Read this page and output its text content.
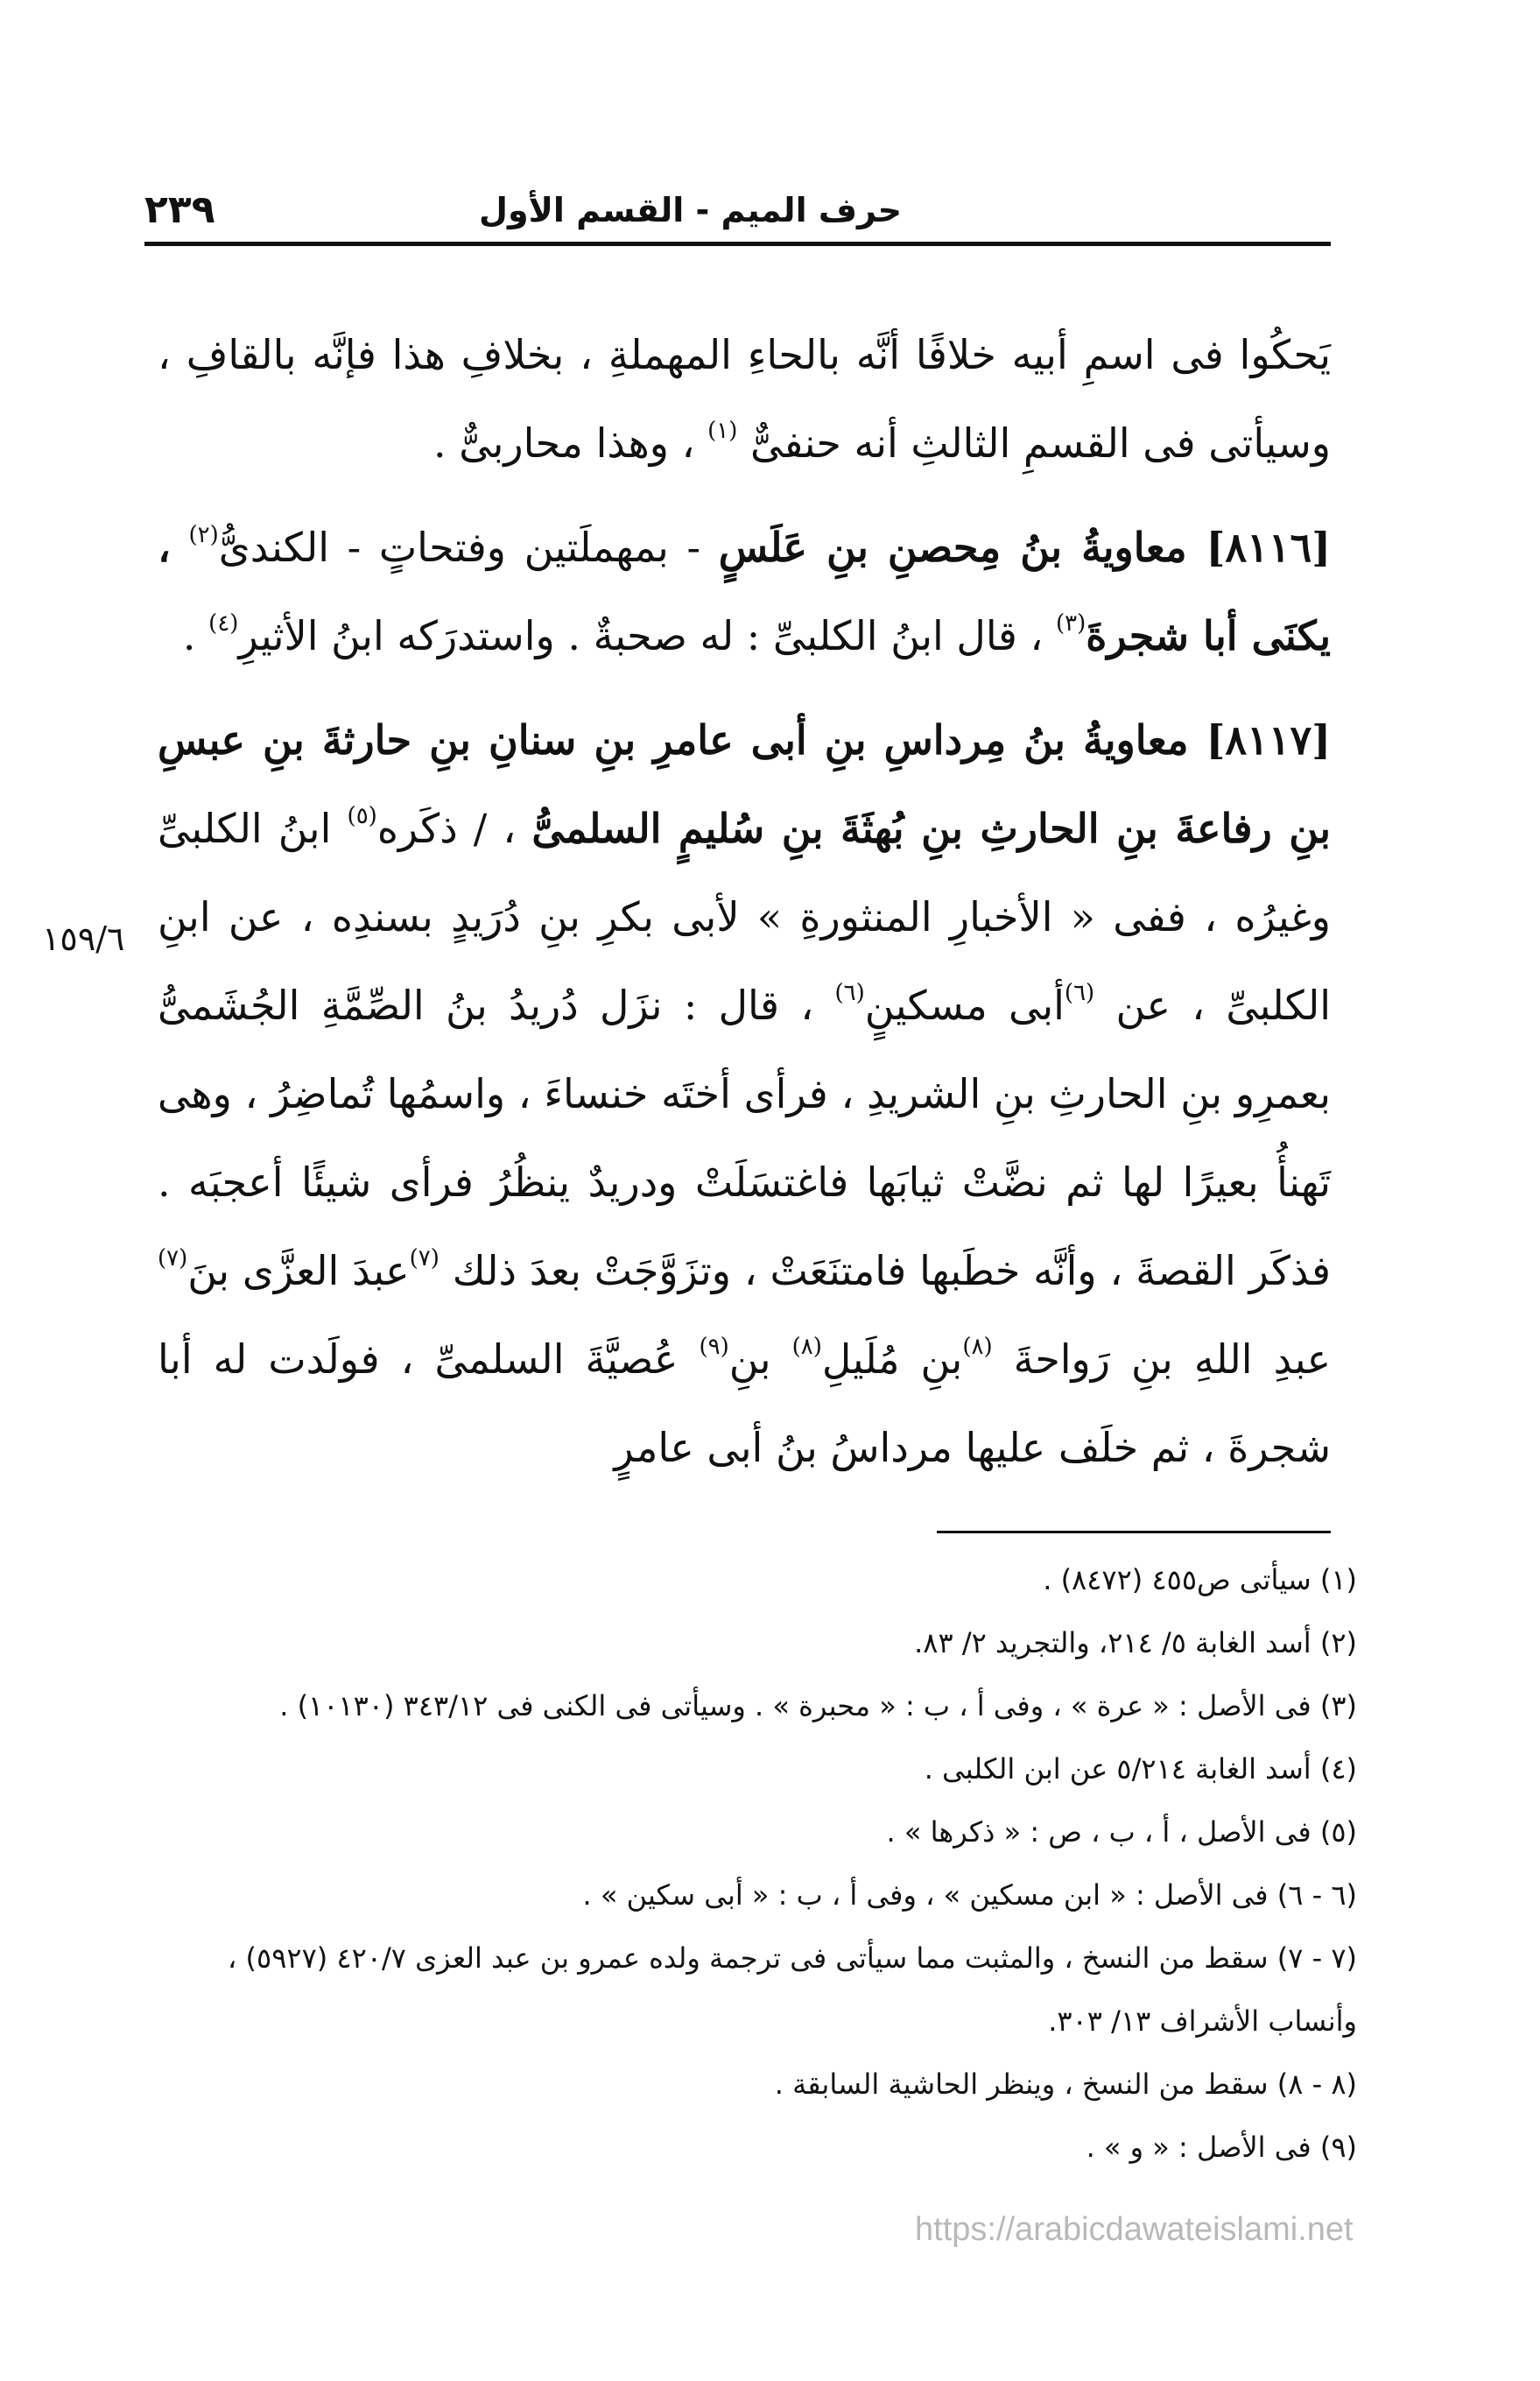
حرف الميم - القسم الأول
٢٣٩

يَحكُوا فى اسمِ أبيه خلافًا أنَّه بالحاءِ المهملةِ ، بخلافِ هذا فإنَّه بالقافِ ، وسيأتى فى القسمِ الثالثِ أنه حنفىٌّ $^{(١)}$ ، وهذا محاربىٌّ .

[٨١١٦] معاويةُ بنُ مِحصنِ بنِ عَلَسٍ - بمهملَتين وفتحاتٍ - الكندىُّ$^{(٢)}$ ، يكنَى أبا شجرةَ$^{(٣)}$ ، قال ابنُ الكلبىِّ : له صحبةٌ . واستدرَكه ابنُ الأثيرِ$^{(٤)}$ .

[٨١١٧] معاويةُ بنُ مِرداسِ بنِ أبى عامرِ بنِ سنانِ بنِ حارثةَ بنِ عبسِ بنِ رفاعةَ بنِ الحارثِ بنِ بُهثَةَ بنِ سُليمٍ السلمىُّ ، / ذكَره$^{(٥)}$ ابنُ الكلبىِّ وغيرُه ، ففى « الأخبارِ المنثورةِ » لأبى بكرِ بنِ دُرَيدٍ بسندِه ، عن ابنِ الكلبىِّ ، عن $^{(٦)}$أبى مسكينٍ$^{(٦)}$ ، قال : نزَل دُريدُ بنُ الصِّمَّةِ الجُشَمىُّ بعمرِو بنِ الحارثِ بنِ الشريدِ ، فرأى أختَه خنساءَ ، واسمُها تُماضِرُ ، وهى تَهنأُ بعيرًا لها ثم نضَّتْ ثيابَها فاغتسَلَتْ ودريدٌ ينظُرُ فرأى شيئًا أعجبَه . فذكَر القصةَ ، وأنَّه خطَبها فامتنَعَتْ ، وتزَوَّجَتْ بعدَ ذلك $^{(٧)}$عبدَ العزَّى بنَ$^{(٧)}$ عبدِ اللهِ بنِ رَواحةَ $^{(٨)}$بنِ مُلَيلِ$^{(٨)}$ بنِ$^{(٩)}$ عُصيَّةَ السلمىِّ ، فولَدت له أبا شجرةَ ، ثم خلَف عليها مرداسُ بنُ أبى عامرٍ

١٥٩/٦
(١) سيأتى ص٤٥٥ (٨٤٧٢) .
(٢) أسد الغابة ٥/ ٢١٤، والتجريد ٢/ ٨٣.
(٣) فى الأصل : « عرة » ، وفى أ ، ب : « محبرة » . وسيأتى فى الكنى فى ٣٤٣/١٢ (١٠١٣٠) .
(٤) أسد الغابة ٥/٢١٤ عن ابن الكلبى .
(٥) فى الأصل ، أ ، ب ، ص : « ذكرها » .
(٦ - ٦) فى الأصل : « ابن مسكين » ، وفى أ ، ب : « أبى سكين » .
(٧ - ٧) سقط من النسخ ، والمثبت مما سيأتى فى ترجمة ولده عمرو بن عبد العزى ٤٢٠/٧ (٥٩٢٧) ، وأنساب الأشراف ١٣/ ٣٠٣.
(٨ - ٨) سقط من النسخ ، وينظر الحاشية السابقة .
(٩) فى الأصل : « و » .
https://arabicdawateislami.net
